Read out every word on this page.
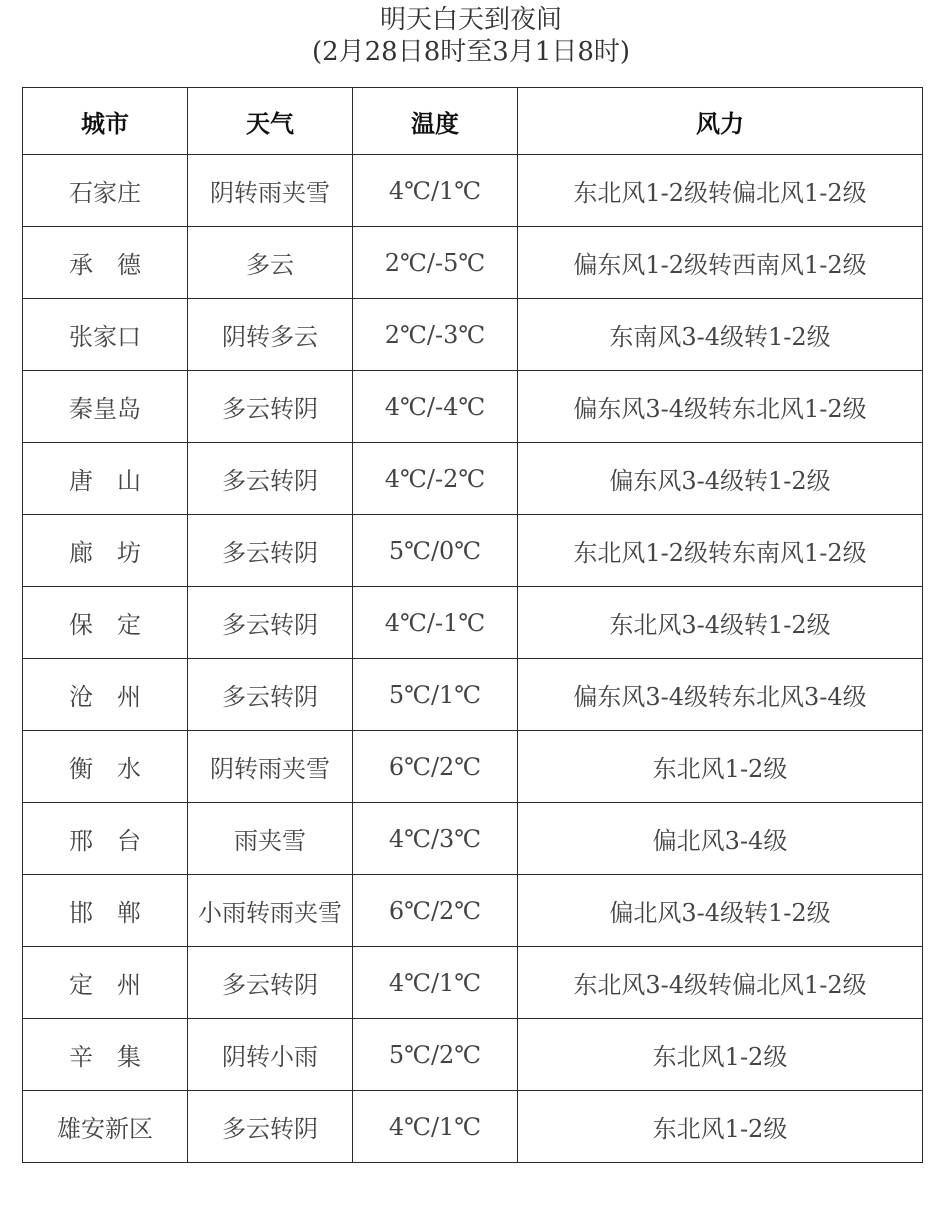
明天白天到夜间
(2月28日8时至3月1日8时)
城市	天气	温度	风力
石家庄	阴转雨夹雪	4℃/1℃	东北风1-2级转偏北风1-2级
承　德	多云	2℃/-5℃	偏东风1-2级转西南风1-2级
张家口	阴转多云	2℃/-3℃	东南风3-4级转1-2级
秦皇岛	多云转阴	4℃/-4℃	偏东风3-4级转东北风1-2级
唐　山	多云转阴	4℃/-2℃	偏东风3-4级转1-2级
廊　坊	多云转阴	5℃/0℃	东北风1-2级转东南风1-2级
保　定	多云转阴	4℃/-1℃	东北风3-4级转1-2级
沧　州	多云转阴	5℃/1℃	偏东风3-4级转东北风3-4级
衡　水	阴转雨夹雪	6℃/2℃	东北风1-2级
邢　台	雨夹雪	4℃/3℃	偏北风3-4级
邯　郸	小雨转雨夹雪	6℃/2℃	偏北风3-4级转1-2级
定　州	多云转阴	4℃/1℃	东北风3-4级转偏北风1-2级
辛　集	阴转小雨	5℃/2℃	东北风1-2级
雄安新区	多云转阴	4℃/1℃	东北风1-2级
